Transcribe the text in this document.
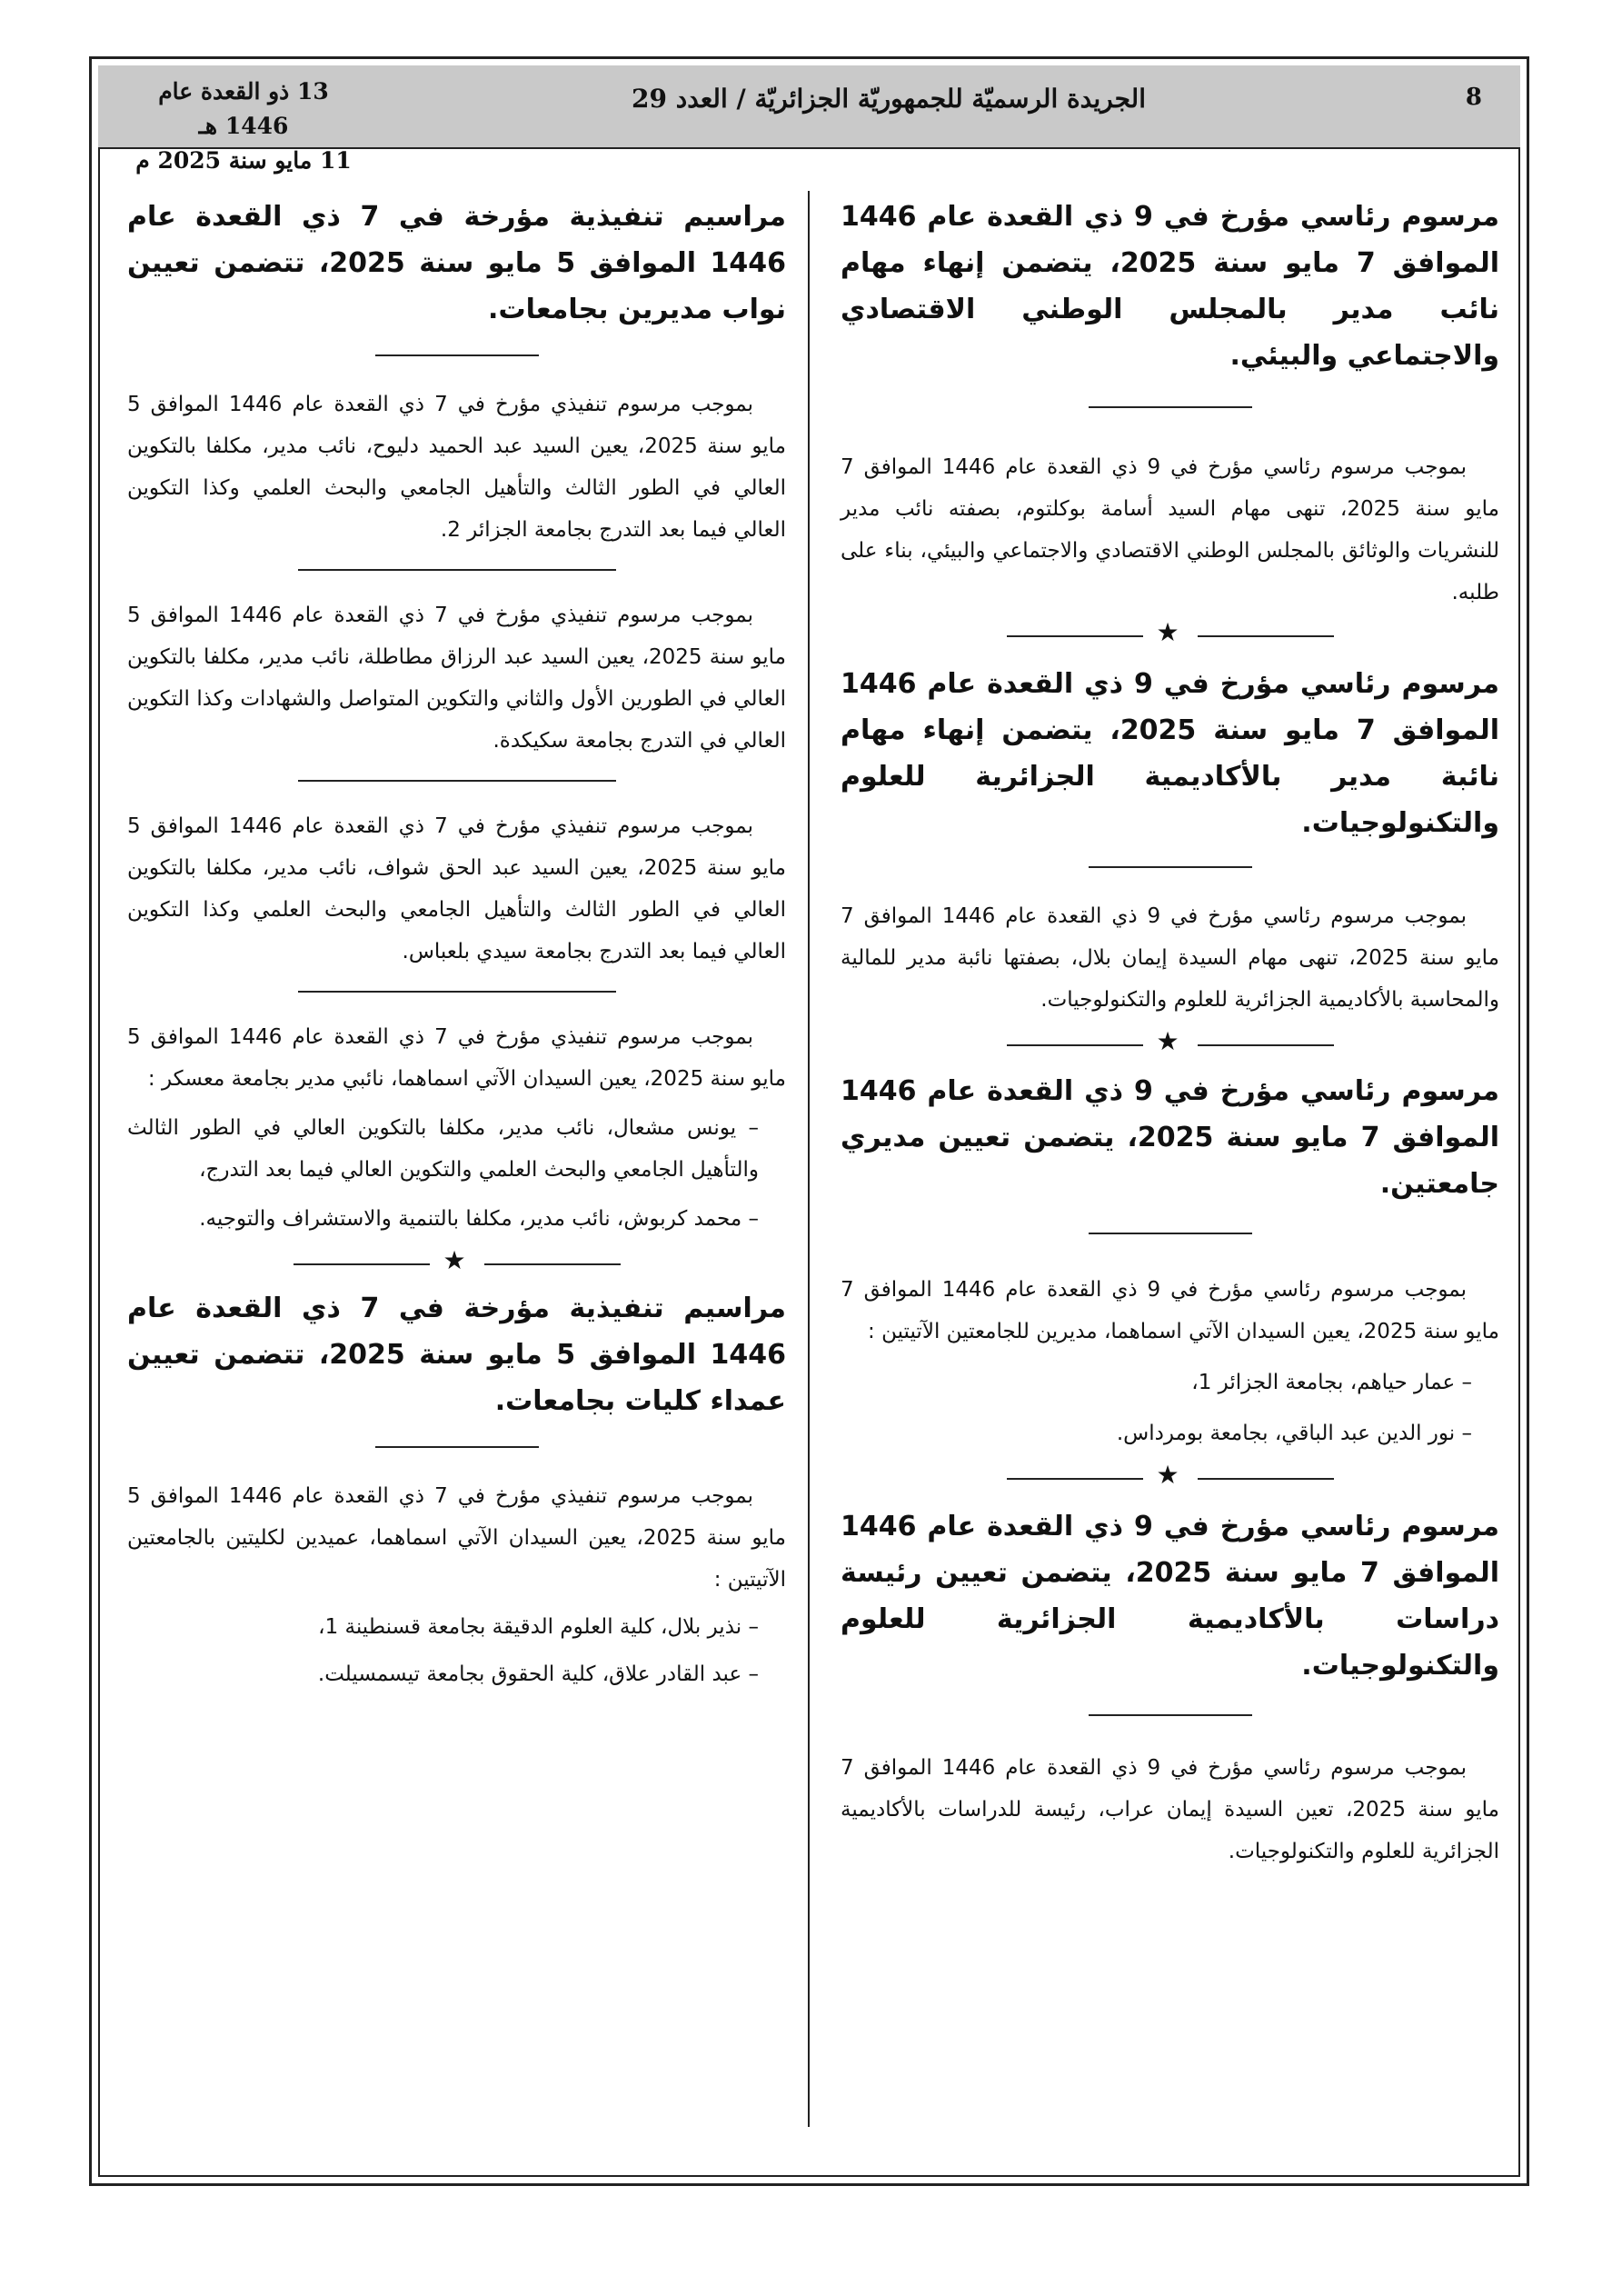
8
الجريدة الرسميّة للجمهوريّة الجزائريّة / العدد 29
13 ذو القعدة عام 1446 هـ
11 مايو سنة 2025 م

مرسوم رئاسي مؤرخ في 9 ذي القعدة عام 1446 الموافق 7 مايو سنة 2025، يتضمن إنهاء مهام نائب مدير بالمجلس الوطني الاقتصادي والاجتماعي والبيئي.

بموجب مرسوم رئاسي مؤرخ في 9 ذي القعدة عام 1446 الموافق 7 مايو سنة 2025، تنهى مهام السيد أسامة بوكلتوم، بصفته نائب مدير للنشريات والوثائق بالمجلس الوطني الاقتصادي والاجتماعي والبيئي، بناء على طلبه.

★

مرسوم رئاسي مؤرخ في 9 ذي القعدة عام 1446 الموافق 7 مايو سنة 2025، يتضمن إنهاء مهام نائبة مدير بالأكاديمية الجزائرية للعلوم والتكنولوجيات.

بموجب مرسوم رئاسي مؤرخ في 9 ذي القعدة عام 1446 الموافق 7 مايو سنة 2025، تنهى مهام السيدة إيمان بلال، بصفتها نائبة مدير للمالية والمحاسبة بالأكاديمية الجزائرية للعلوم والتكنولوجيات.

★

مرسوم رئاسي مؤرخ في 9 ذي القعدة عام 1446 الموافق 7 مايو سنة 2025، يتضمن تعيين مديري جامعتين.

بموجب مرسوم رئاسي مؤرخ في 9 ذي القعدة عام 1446 الموافق 7 مايو سنة 2025، يعين السيدان الآتي اسماهما، مديرين للجامعتين الآتيتين :

– عمار حياهم، بجامعة الجزائر 1،

– نور الدين عبد الباقي، بجامعة بومرداس.

★

مرسوم رئاسي مؤرخ في 9 ذي القعدة عام 1446 الموافق 7 مايو سنة 2025، يتضمن تعيين رئيسة دراسات بالأكاديمية الجزائرية للعلوم والتكنولوجيات.

بموجب مرسوم رئاسي مؤرخ في 9 ذي القعدة عام 1446 الموافق 7 مايو سنة 2025، تعين السيدة إيمان عراب، رئيسة للدراسات بالأكاديمية الجزائرية للعلوم والتكنولوجيات.

مراسيم تنفيذية مؤرخة في 7 ذي القعدة عام 1446 الموافق 5 مايو سنة 2025، تتضمن تعيين نواب مديرين بجامعات.

بموجب مرسوم تنفيذي مؤرخ في 7 ذي القعدة عام 1446 الموافق 5 مايو سنة 2025، يعين السيد عبد الحميد دليوح، نائب مدير، مكلفا بالتكوين العالي في الطور الثالث والتأهيل الجامعي والبحث العلمي وكذا التكوين العالي فيما بعد التدرج بجامعة الجزائر 2.

بموجب مرسوم تنفيذي مؤرخ في 7 ذي القعدة عام 1446 الموافق 5 مايو سنة 2025، يعين السيد عبد الرزاق مطاطلة، نائب مدير، مكلفا بالتكوين العالي في الطورين الأول والثاني والتكوين المتواصل والشهادات وكذا التكوين العالي في التدرج بجامعة سكيكدة.

بموجب مرسوم تنفيذي مؤرخ في 7 ذي القعدة عام 1446 الموافق 5 مايو سنة 2025، يعين السيد عبد الحق شواف، نائب مدير، مكلفا بالتكوين العالي في الطور الثالث والتأهيل الجامعي والبحث العلمي وكذا التكوين العالي فيما بعد التدرج بجامعة سيدي بلعباس.

بموجب مرسوم تنفيذي مؤرخ في 7 ذي القعدة عام 1446 الموافق 5 مايو سنة 2025، يعين السيدان الآتي اسماهما، نائبي مدير بجامعة معسكر :

– يونس مشعال، نائب مدير، مكلفا بالتكوين العالي في الطور الثالث والتأهيل الجامعي والبحث العلمي والتكوين العالي فيما بعد التدرج،

– محمد كربوش، نائب مدير، مكلفا بالتنمية والاستشراف والتوجيه.

★

مراسيم تنفيذية مؤرخة في 7 ذي القعدة عام 1446 الموافق 5 مايو سنة 2025، تتضمن تعيين عمداء كليات بجامعات.

بموجب مرسوم تنفيذي مؤرخ في 7 ذي القعدة عام 1446 الموافق 5 مايو سنة 2025، يعين السيدان الآتي اسماهما، عميدين لكليتين بالجامعتين الآتيتين :

– نذير بلال، كلية العلوم الدقيقة بجامعة قسنطينة 1،

– عبد القادر علاق، كلية الحقوق بجامعة تيسمسيلت.
